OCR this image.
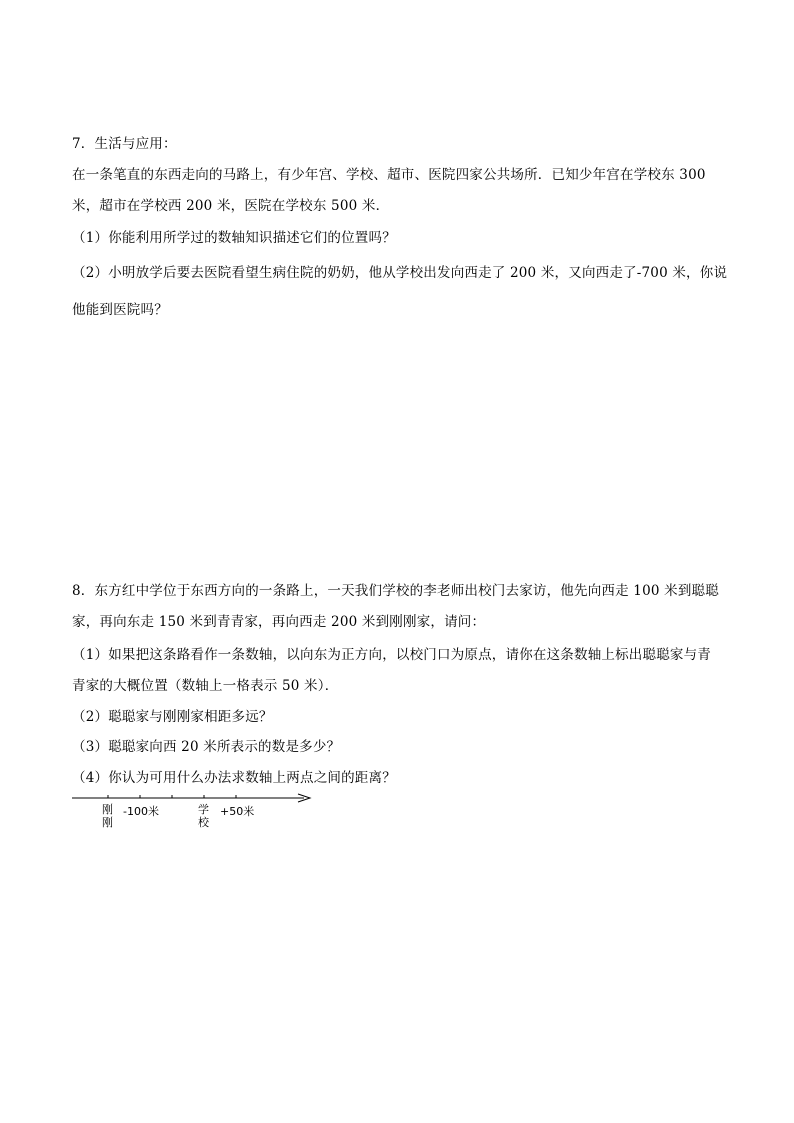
7．生活与应用：
在一条笔直的东西走向的马路上，有少年宫、学校、超市、医院四家公共场所．已知少年宫在学校东 300
米，超市在学校西 200 米，医院在学校东 500 米．
（1）你能利用所学过的数轴知识描述它们的位置吗？
（2）小明放学后要去医院看望生病住院的奶奶，他从学校出发向西走了 200 米，又向西走了-700 米，你说
他能到医院吗？
8．东方红中学位于东西方向的一条路上，一天我们学校的李老师出校门去家访，他先向西走 100 米到聪聪
家，再向东走 150 米到青青家，再向西走 200 米到刚刚家，请问：
（1）如果把这条路看作一条数轴，以向东为正方向，以校门口为原点，请你在这条数轴上标出聪聪家与青
青家的大概位置（数轴上一格表示 50 米）．
（2）聪聪家与刚刚家相距多远？
（3）聪聪家向西 20 米所表示的数是多少？
（4）你认为可用什么办法求数轴上两点之间的距离？
刚
刚
-100米	学
校
+50米
